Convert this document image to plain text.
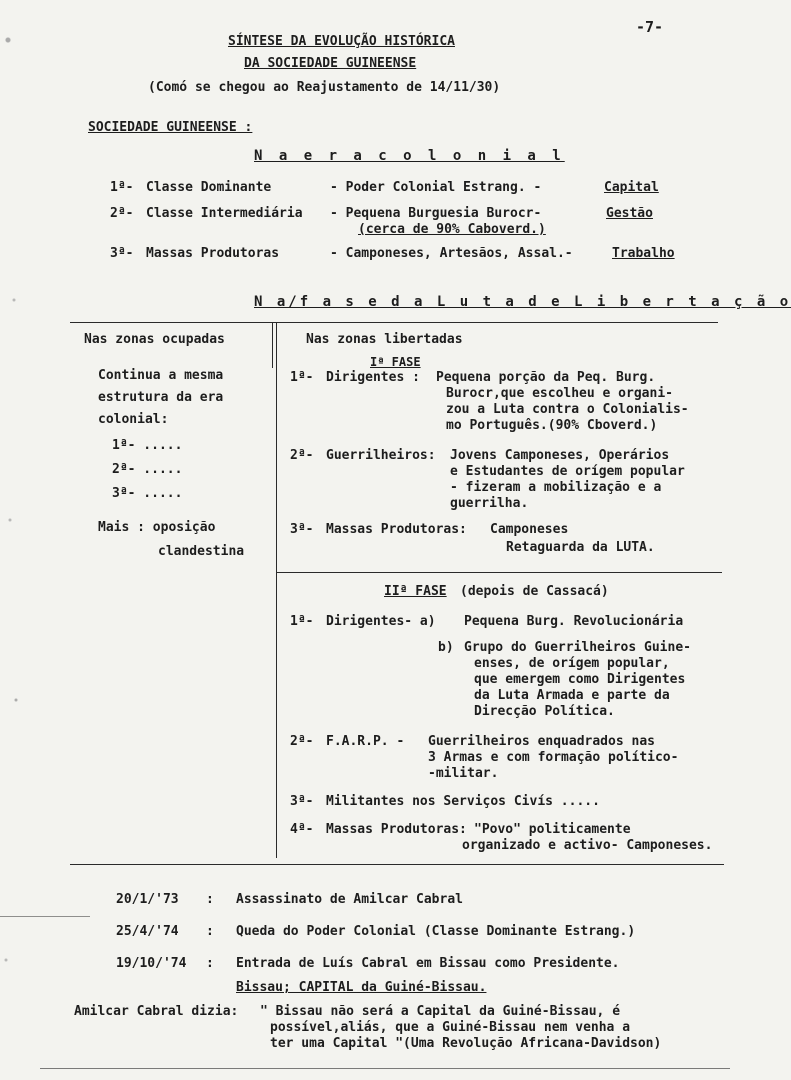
-7-
SÍNTESE DA EVOLUÇÃO HISTÓRICA
DA SOCIEDADE GUINEENSE
(Comó se chegou ao Reajustamento de 14/11/30)
SOCIEDADE GUINEENSE :
N a e r a c o l o n i a l
1ª- Classe Dominante	- Poder Colonial Estrang. -	Capital
2ª- Classe Intermediária - Pequena Burguesia Burocr-	Gestão
(cerca de 90% Caboverd.)
3ª- Massas Produtoras	- Camponeses, Artesãos, Assal.-	Trabalho
N a/f a s e d a L u t a d e L i b e r t a ç ã o
Nas zonas ocupadas	Nas zonas libertadas
Continua a mesma
estrutura da era
colonial:
1ª- .....
2ª- .....
3ª- .....
Mais : oposição
clandestina
Iª FASE
1ª- Dirigentes : Pequena porção da Peq. Burg.
Burocr,que escolheu e organi-
zou a Luta contra o Colonialis-
mo Português.(90% Cboverd.)
2ª- Guerrilheiros: Jovens Camponeses, Operários
e Estudantes de orígem popular
- fizeram a mobilização e a
guerrilha.
3ª- Massas Produtoras: Camponeses
Retaguarda da LUTA.
IIª FASE (depois de Cassacá)
1ª- Dirigentes- a) Pequena Burg. Revolucionária
b) Grupo do Guerrilheiros Guine-
enses, de orígem popular,
que emergem como Dirigentes
da Luta Armada e parte da
Direcção Política.
2ª- F.A.R.P. - Guerrilheiros enquadrados nas
3 Armas e com formação político-
-militar.
3ª- Militantes nos Serviços Civís .....
4ª- Massas Produtoras: "Povo" politicamente
organizado e activo- Camponeses.
20/1/'73 : Assassinato de Amilcar Cabral
25/4/'74 : Queda do Poder Colonial (Classe Dominante Estrang.)
19/10/'74 : Entrada de Luís Cabral em Bissau como Presidente.
Bissau; CAPITAL da Guiné-Bissau.
Amilcar Cabral dizia: " Bissau não será a Capital da Guiné-Bissau, é
possível,aliás, que a Guiné-Bissau nem venha a
ter uma Capital "(Uma Revolução Africana-Davidson)
